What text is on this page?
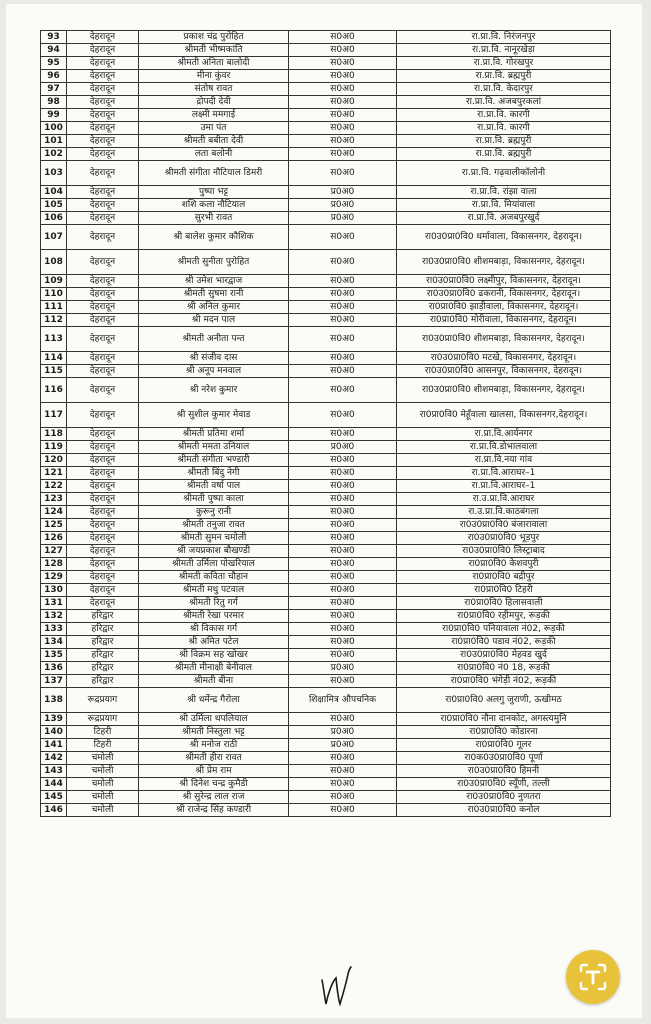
93	देहरादून	प्रकाश चंद्र पुरोहित	स0अ0	रा.प्रा.वि. निरंजनपुर
94	देहरादून	श्रीमती भीष्मकांति	स0अ0	रा.प्रा.वि. नानूरखेड़ा
95	देहरादून	श्रीमती अनिता बालोदी	स0अ0	रा.प्रा.वि. गोरखपुर
96	देहरादून	मीना कुंवर	स0अ0	रा.प्रा.वि. ब्रह्मपुरी
97	देहरादून	संतोष रावत	स0अ0	रा.प्रा.वि. केदारपुर
98	देहरादून	द्रोपदी देवी	स0अ0	रा.प्रा.वि. अजबपुरकलां
99	देहरादून	लक्ष्मी ममगाई	स0अ0	रा.प्रा.वि. कारगी
100	देहरादून	उमा पंत	स0अ0	रा.प्रा.वि. कारगी
101	देहरादून	श्रीमती बबीता देवी	स0अ0	रा.प्रा.वि. ब्रह्मपुरी
102	देहरादून	लता बलोनी	स0अ0	रा.प्रा.वि. ब्रह्मपुरी
103	देहरादून	श्रीमती संगीता नौटियाल डिमरी	स0अ0	रा.प्रा.वि. गढ़वालीकॉलोनी
104	देहरादून	पुष्पा भट्ट	प्र0अ0	रा.प्रा.वि. रांझा वाला
105	देहरादून	शशि कला नौटियाल	प्र0अ0	रा.प्रा.वि. मियांवाला
106	देहरादून	सुरभी रावत	प्र0अ0	रा.प्रा.वि. अजबपुरखुर्द
107	देहरादून	श्री बालेश कुमार कौशिक	स0अ0	रा0उ0प्रा0वि0 धर्मावाला, विकासनगर, देहरादून।
108	देहरादून	श्रीमती सुनीता पुरोहित	स0अ0	रा0उ0प्रा0वि0 शीशमबाड़ा, विकासनगर, देहरादून।
109	देहरादून	श्री उमेश भारद्वाज	स0अ0	रा0उ0प्रा0वि0 लक्ष्मीपुर, विकासनगर, देहरादून।
110	देहरादून	श्रीमती सुषमा रानी	स0अ0	रा0उ0प्रा0वि0 ढकरानी, विकासनगर, देहरादून।
111	देहरादून	श्री अनिल कुमार	स0अ0	रा0प्रा0वि0 झाड़ीवाला, विकासनगर, देहरादून।
112	देहरादून	श्री मदन पाल	स0अ0	रा0प्रा0वि0 मोरीवाला, विकासनगर, देहरादून।
113	देहरादून	श्रीमती अनीता पन्त	स0अ0	रा0उ0प्रा0वि0 शीशमबाड़ा, विकासनगर, देहरादून।
114	देहरादून	श्री संजीव दास	स0अ0	रा0उ0प्रा0वि0 मटखे, विकासनगर, देहरादून।
115	देहरादून	श्री अनूप मनवाल	स0अ0	रा0उ0प्रा0वि0 आसनपुर, विकासनगर, देहरादून।
116	देहरादून	श्री नरेश कुमार	स0अ0	रा0उ0प्रा0वि0 शीशमबाड़ा, विकासनगर, देहरादून।
117	देहरादून	श्री सुशील कुमार मेवाड	स0अ0	रा0प्रा0वि0 मेहूँवाला खालसा, विकासनगर,देहरादून।
118	देहरादून	श्रीमती प्रतिमा शर्मा	स0अ0	रा.प्रा.वि.आर्यनगर
119	देहरादून	श्रीमती ममता उनियाल	प्र0अ0	रा.प्रा.वि.डोभालवाला
120	देहरादून	श्रीमती संगीता भण्डारी	स0अ0	रा.प्रा.वि.नया गांव
121	देहरादून	श्रीमती बिंदु नेगी	स0अ0	रा.प्रा.वि.आराघर–1
122	देहरादून	श्रीमती वर्षा पाल	स0अ0	रा.प्रा.वि.आराघर–1
123	देहरादून	श्रीमती पुष्पा काला	स0अ0	रा.उ.प्रा.वि.आराघर
124	देहरादून	कुरूनु रानी	स0अ0	रा.उ.प्रा.वि.काठबंगला
125	देहरादून	श्रीमती तनुजा रावत	स0अ0	रा0उ0प्रा0वि0 बंजारावाला
126	देहरादून	श्रीमती सुमन चमोली	स0अ0	रा0उ0प्रा0वि0 भूड़पुर
127	देहरादून	श्री जयप्रकाश बौखण्डी	स0अ0	रा0उ0प्रा0वि0 लिस्ट्राबाद
128	देहरादून	श्रीमती उर्मिला पोखरियाल	स0अ0	रा0प्रा0वि0 केशवपुरी
129	देहरादून	श्रीमती कविता चौहान	स0अ0	रा0प्रा0वि0 बद्रीपुर
130	देहरादून	श्रीमती मधु पटवाल	स0अ0	रा0प्रा0वि0 टिहरी
131	देहरादून	श्रीमती रितु गर्ग	स0अ0	रा0प्रा0वि0 हिलासवाली
132	हरिद्वार	श्रीमती रेखा परमार	स0अ0	रा0प्रा0वि0 रहीमपुर, रूड़की
133	हरिद्वार	श्री विकास गर्ग	स0अ0	रा0प्रा0वि0 पनियावाला नं02, रूड़की
134	हरिद्वार	श्री अमित पटेल	स0अ0	रा0प्रा0वि0 पडाव नं02, रूड़की
135	हरिद्वार	श्री विक्रम सह खोखर	स0अ0	रा0उ0प्रा0वि0 मेहवड खुर्द
136	हरिद्वार	श्रीमती मीनाक्षी बेनीवाल	प्र0अ0	रा0प्रा0वि0 नं0 18, रूड़की
137	हरिद्वार	श्रीमती बीना	स0अ0	रा0प्रा0वि0 भंगेड़ी नं02, रूड़की
138	रूद्रप्रयाग	श्री धर्मेन्द्र गैरोला	शिक्षामित्र औपचनिक	रा0प्रा0वि0 अलगु जुराणी, ऊखीमठ
139	रूद्रप्रयाग	श्री उर्मिला थपलियाल	स0अ0	रा0प्रा0वि0 नौना दानकोट, अगस्त्यमुनि
140	टिहरी	श्रीमती निस्तुला भट्ट	प्र0अ0	रा0प्रा0वि0 कोडारना
141	टिहरी	श्री मनोज राठी	प्र0अ0	रा0प्रा0वि0 गूलर
142	चमोली	श्रीमती हीरा रावत	स0अ0	रा0क0उ0प्रा0वि0 पूर्णा
143	चमोली	श्री प्रेम राम	स0अ0	रा0उ0प्रा0वि0 हिमनी
144	चमोली	श्री दिनेश चन्द्र कुमैडी	स0अ0	रा0उ0प्रा0वि0 स्यूँणी, तल्ली
145	चमोली	श्री सुरेन्द्र लाल राज	स0अ0	रा0उ0प्रा0वि0 नुणतरा
146	चमोली	श्री राजेन्द्र सिंह कण्डारी	स0अ0	रा0उ0प्रा0वि0 कनोल
